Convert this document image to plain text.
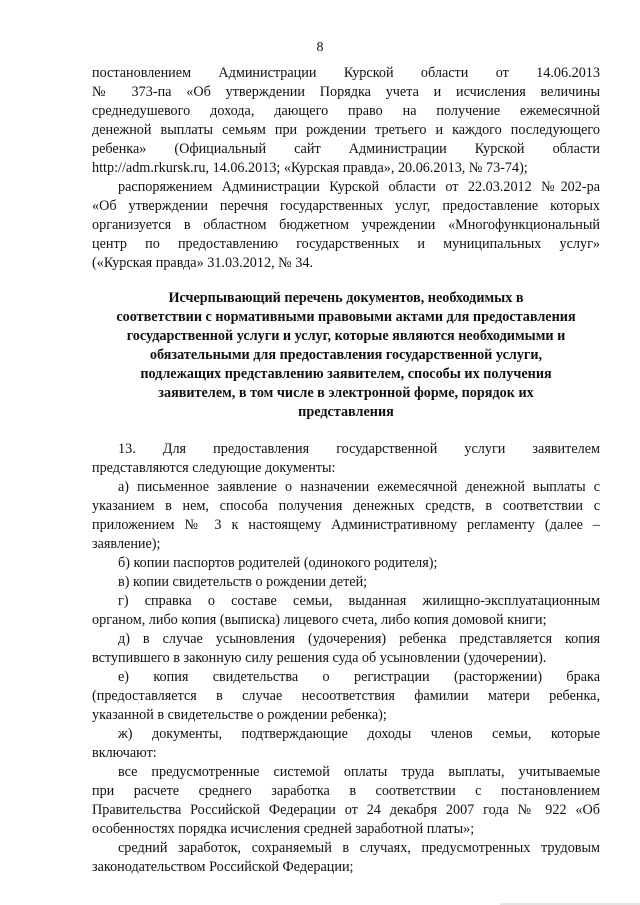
8
постановлением Администрации Курской области от 14.06.2013
№ 373-па «Об утверждении Порядка учета и исчисления величины
среднедушевого дохода, дающего право на получение ежемесячной
денежной выплаты семьям при рождении третьего и каждого последующего
ребенка» (Официальный сайт Администрации Курской области
http://adm.rkursk.ru, 14.06.2013; «Курская правда», 20.06.2013, № 73-74);
распоряжением Администрации Курской области от 22.03.2012 №202-ра
«Об утверждении перечня государственных услуг, предоставление которых
организуется в областном бюджетном учреждении «Многофункциональный
центр по предоставлению государственных и муниципальных услуг»
(«Курская правда» 31.03.2012, № 34.
Исчерпывающий перечень документов, необходимых в
соответствии с нормативными правовыми актами для предоставления
государственной услуги и услуг, которые являются необходимыми и
обязательными для предоставления государственной услуги,
подлежащих представлению заявителем, способы их получения
заявителем, в том числе в электронной форме, порядок их
представления
13. Для предоставления государственной услуги заявителем
представляются следующие документы:
а) письменное заявление о назначении ежемесячной денежной выплаты с
указанием в нем, способа получения денежных средств, в соответствии с
приложением № 3 к настоящему Административному регламенту (далее –
заявление);
б) копии паспортов родителей (одинокого родителя);
в) копии свидетельств о рождении детей;
г) справка о составе семьи, выданная жилищно-эксплуатационным
органом, либо копия (выписка) лицевого счета, либо копия домовой книги;
д) в случае усыновления (удочерения) ребенка представляется копия
вступившего в законную силу решения суда об усыновлении (удочерении).
е) копия свидетельства о регистрации (расторжении) брака
(предоставляется в случае несоответствия фамилии матери ребенка,
указанной в свидетельстве о рождении ребенка);
ж) документы, подтверждающие доходы членов семьи, которые
включают:
все предусмотренные системой оплаты труда выплаты, учитываемые
при расчете среднего заработка в соответствии с постановлением
Правительства Российской Федерации от 24 декабря 2007 года № 922 «Об
особенностях порядка исчисления средней заработной платы»;
средний заработок, сохраняемый в случаях, предусмотренных трудовым
законодательством Российской Федерации;
